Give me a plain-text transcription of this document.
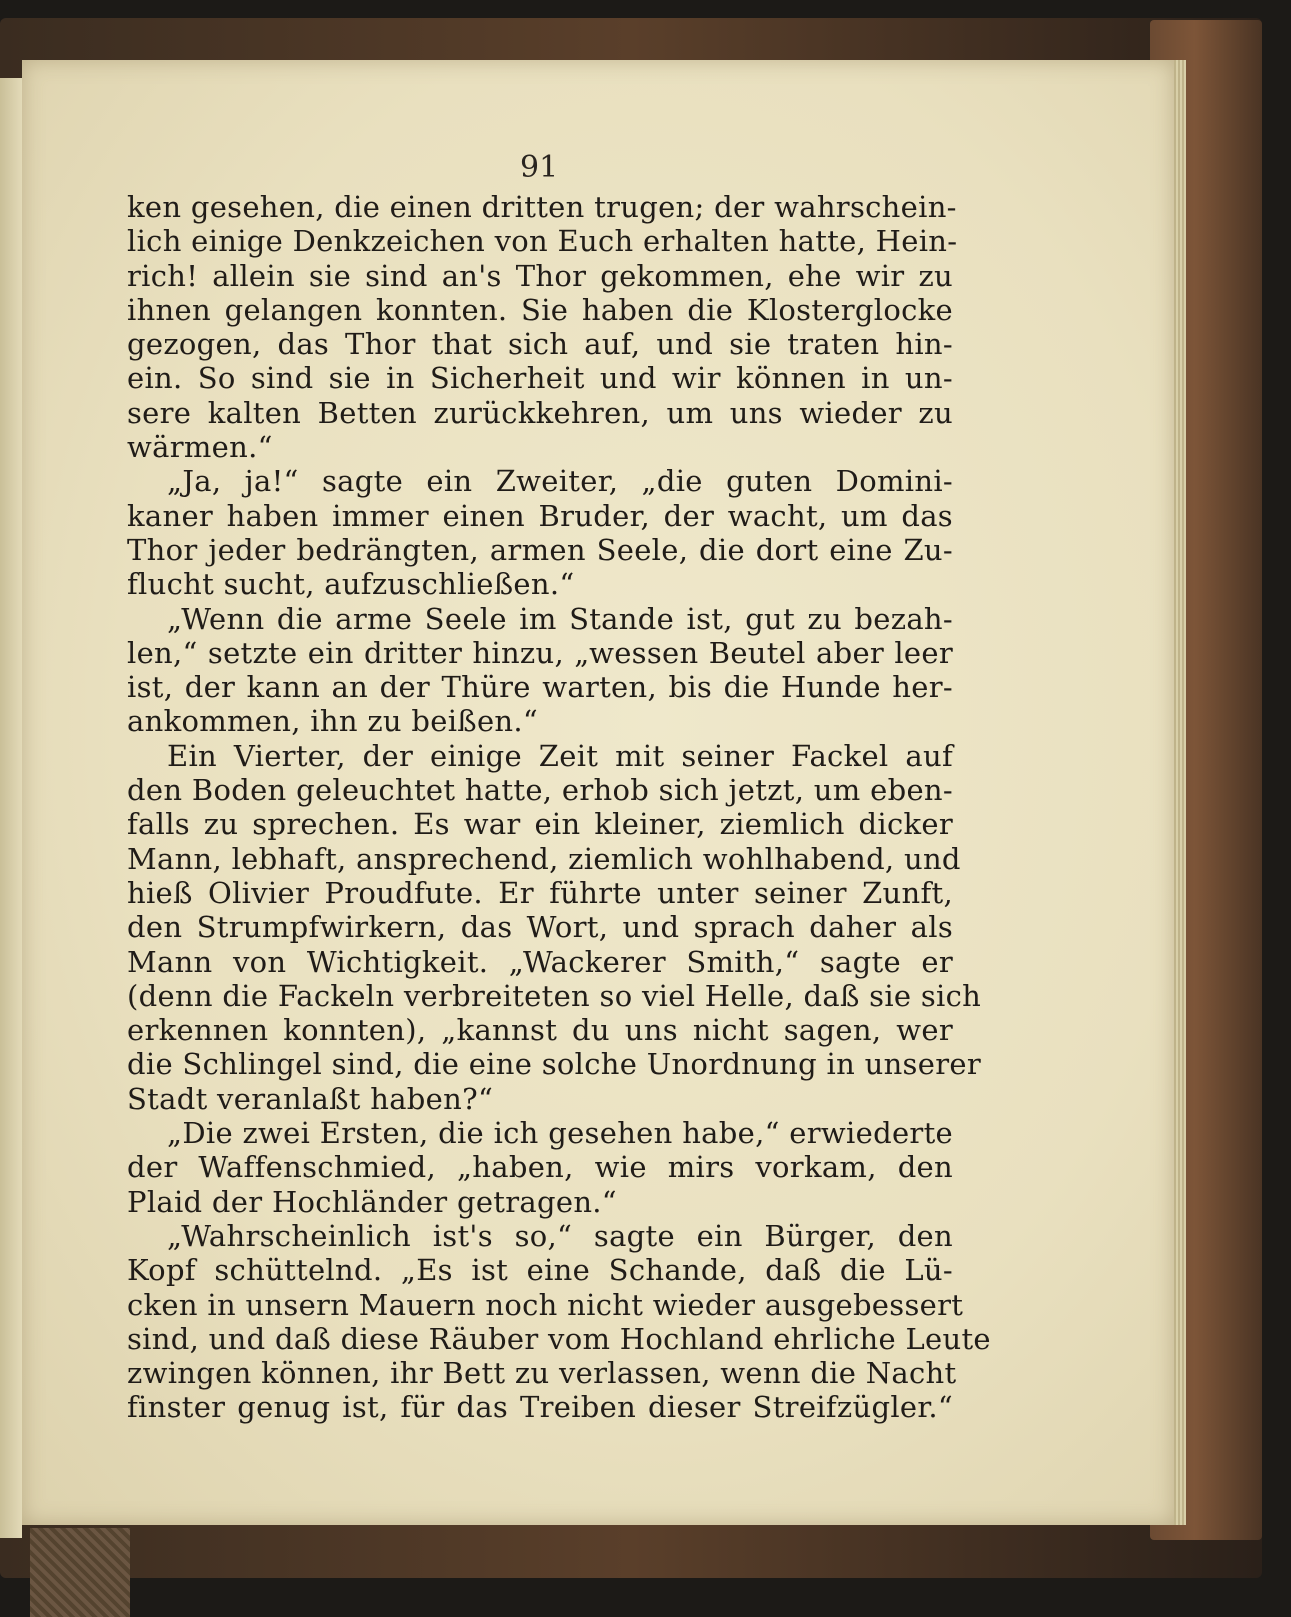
91
ken gesehen, die einen dritten trugen; der wahrschein-
lich einige Denkzeichen von Euch erhalten hatte, Hein-
rich! allein sie sind an's Thor gekommen, ehe wir zu
ihnen gelangen konnten. Sie haben die Klosterglocke
gezogen, das Thor that sich auf, und sie traten hin-
ein. So sind sie in Sicherheit und wir können in un-
sere kalten Betten zurückkehren, um uns wieder zu
wärmen.“
„Ja, ja!“ sagte ein Zweiter, „die guten Domini-
kaner haben immer einen Bruder, der wacht, um das
Thor jeder bedrängten, armen Seele, die dort eine Zu-
flucht sucht, aufzuschließen.“
„Wenn die arme Seele im Stande ist, gut zu bezah-
len,“ setzte ein dritter hinzu, „wessen Beutel aber leer
ist, der kann an der Thüre warten, bis die Hunde her-
ankommen, ihn zu beißen.“
Ein Vierter, der einige Zeit mit seiner Fackel auf
den Boden geleuchtet hatte, erhob sich jetzt, um eben-
falls zu sprechen. Es war ein kleiner, ziemlich dicker
Mann, lebhaft, ansprechend, ziemlich wohlhabend, und
hieß Olivier Proudfute. Er führte unter seiner Zunft,
den Strumpfwirkern, das Wort, und sprach daher als
Mann von Wichtigkeit. „Wackerer Smith,“ sagte er
(denn die Fackeln verbreiteten so viel Helle, daß sie sich
erkennen konnten), „kannst du uns nicht sagen, wer
die Schlingel sind, die eine solche Unordnung in unserer
Stadt veranlaßt haben?“
„Die zwei Ersten, die ich gesehen habe,“ erwiederte
der Waffenschmied, „haben, wie mirs vorkam, den
Plaid der Hochländer getragen.“
„Wahrscheinlich ist's so,“ sagte ein Bürger, den
Kopf schüttelnd. „Es ist eine Schande, daß die Lü-
cken in unsern Mauern noch nicht wieder ausgebessert
sind, und daß diese Räuber vom Hochland ehrliche Leute
zwingen können, ihr Bett zu verlassen, wenn die Nacht
finster genug ist, für das Treiben dieser Streifzügler.“
